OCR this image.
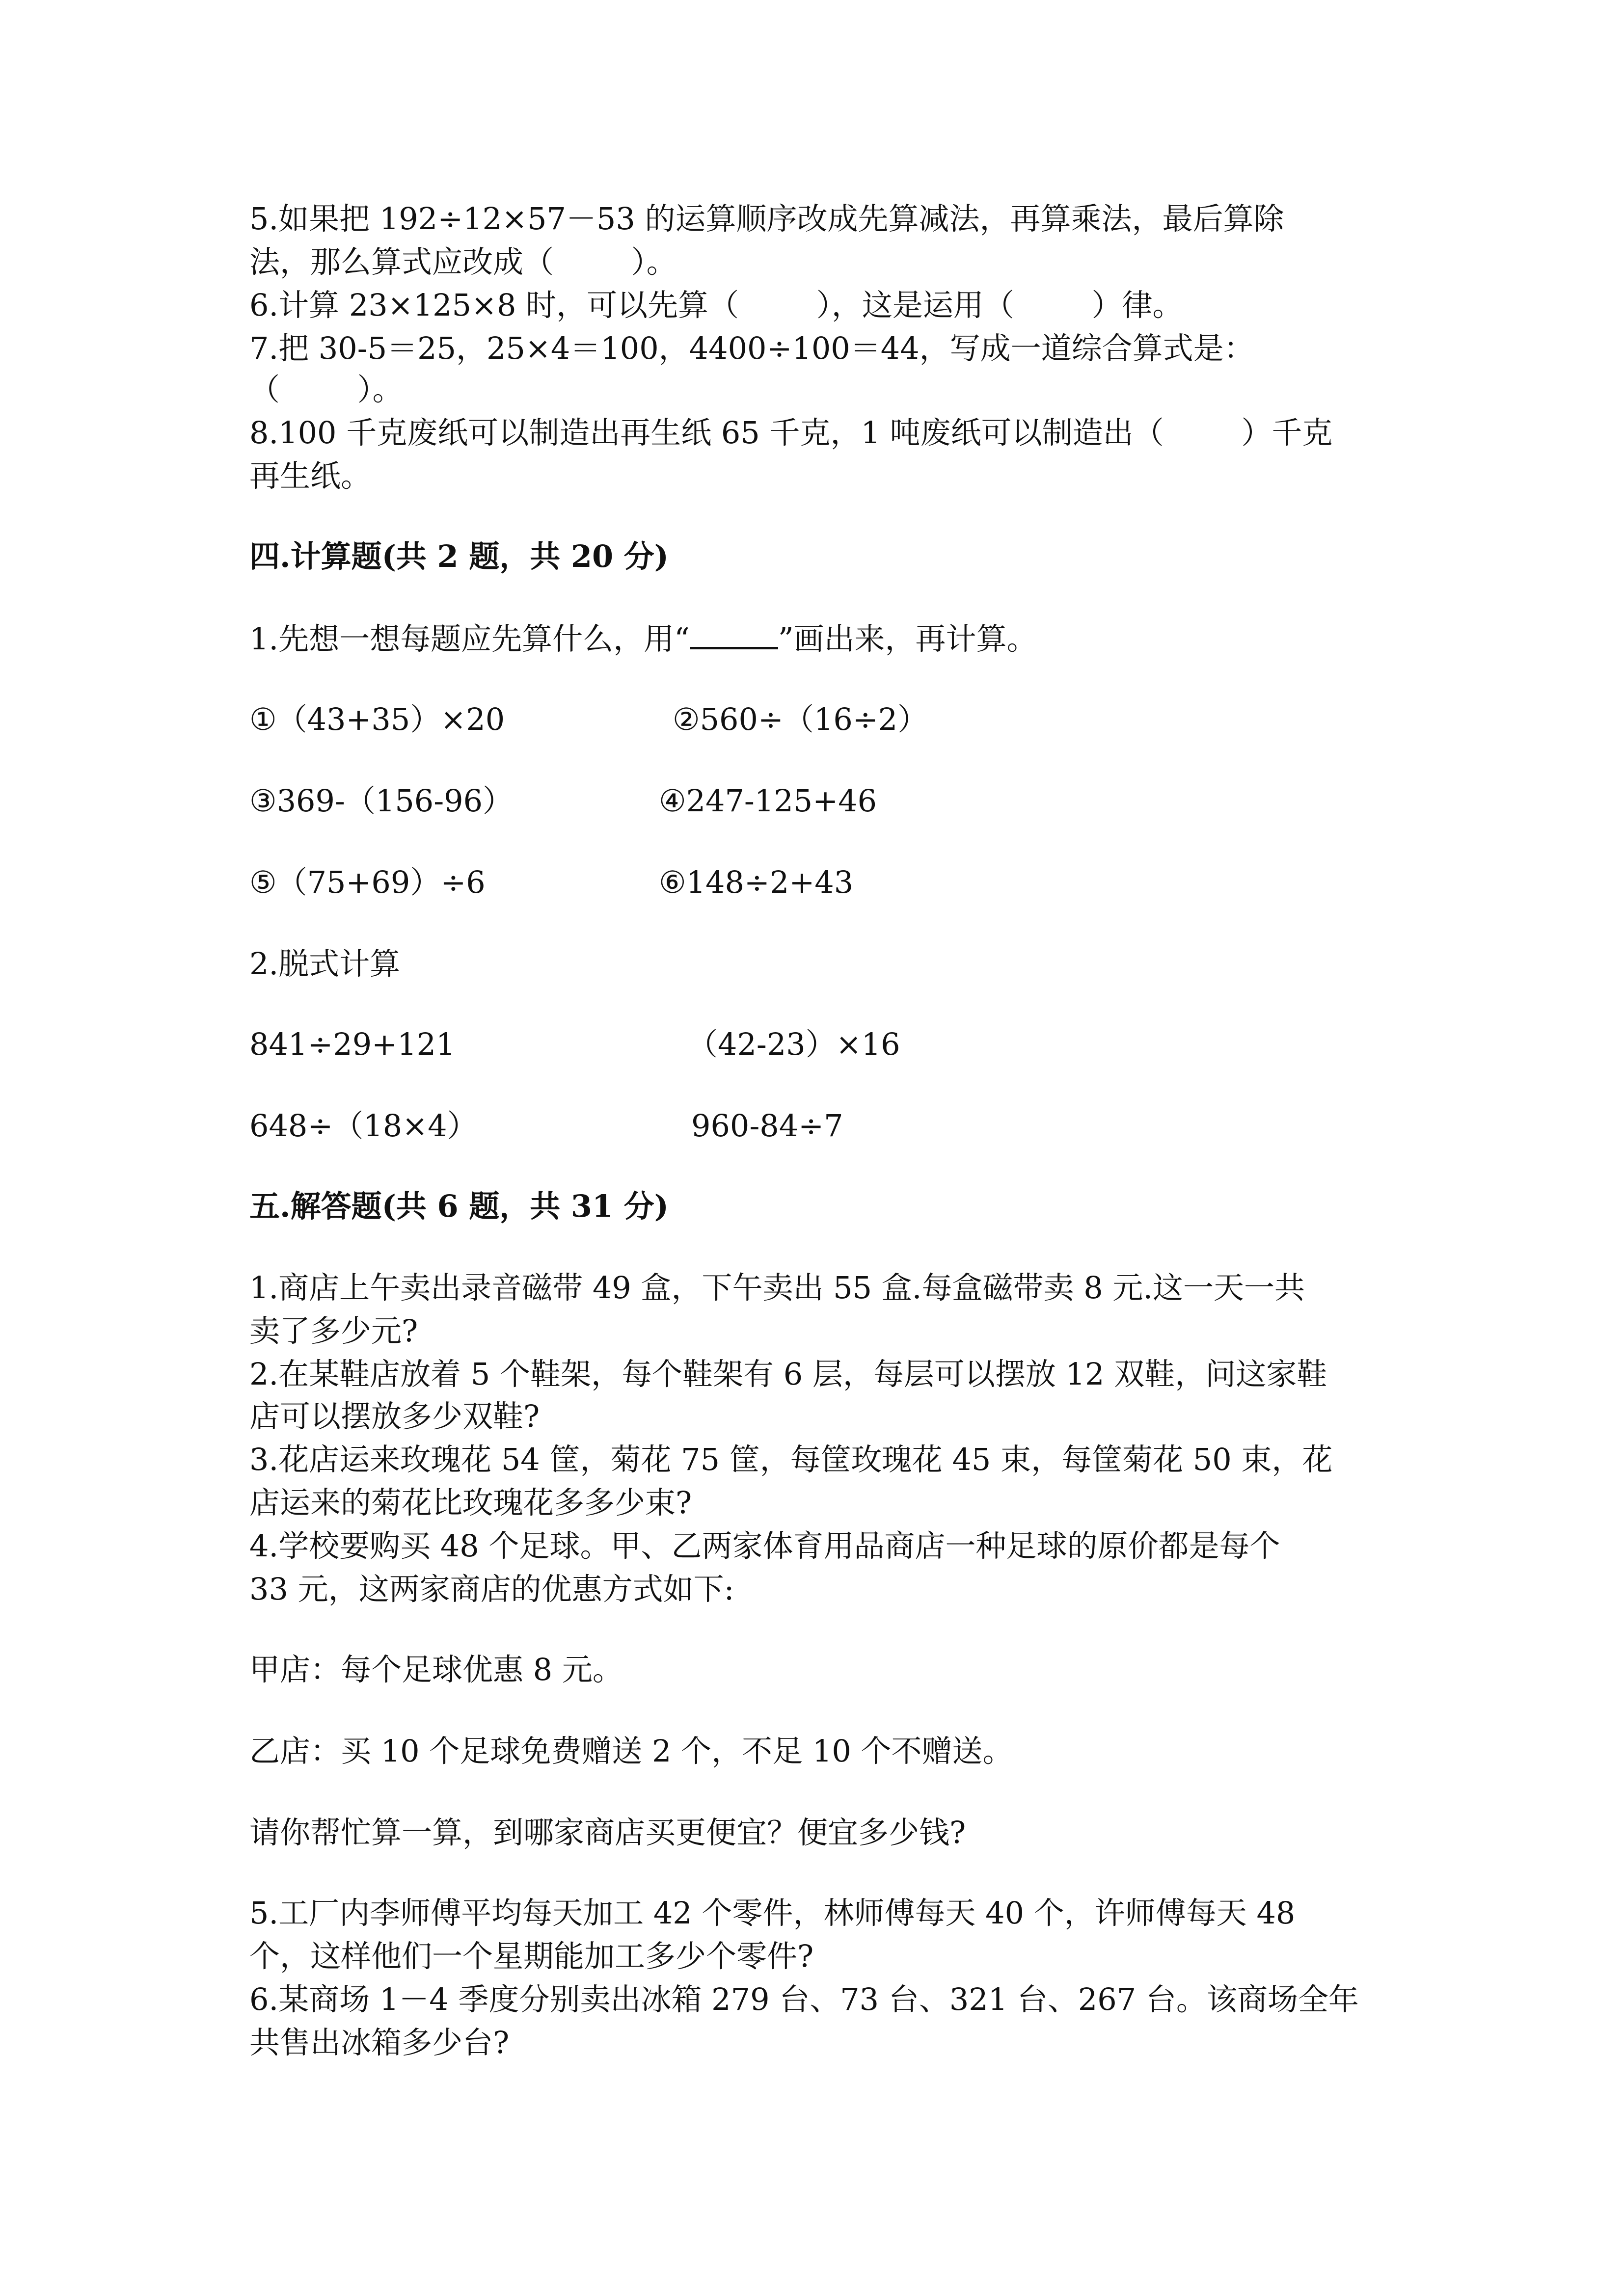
5.如果把 192÷12×57－53 的运算顺序改成先算减法，再算乘法，最后算除
法，那么算式应改成（        ）。
6.计算 23×125×8 时，可以先算（        ），这是运用（        ）律。
7.把 30-5＝25，25×4＝100，4400÷100＝44，写成一道综合算式是：
（        ）。
8.100 千克废纸可以制造出再生纸 65 千克，1 吨废纸可以制造出（        ）千克
再生纸。
四.计算题(共 2 题，共 20 分)
1.先想一想每题应先算什么，用“	”画出来，再计算。
①（43+35）×20	②560÷（16÷2）
③369-（156-96）	④247-125+46
⑤（75+69）÷6	⑥148÷2+43
2.脱式计算
841÷29+121	（42-23）×16
648÷（18×4）	960-84÷7
五.解答题(共 6 题，共 31 分)
1.商店上午卖出录音磁带 49 盒，下午卖出 55 盒.每盒磁带卖 8 元.这一天一共
卖了多少元?
2.在某鞋店放着 5 个鞋架，每个鞋架有 6 层，每层可以摆放 12 双鞋，问这家鞋
店可以摆放多少双鞋?
3.花店运来玫瑰花 54 筐，菊花 75 筐，每筐玫瑰花 45 束，每筐菊花 50 束，花
店运来的菊花比玫瑰花多多少束?
4.学校要购买 48 个足球。甲、乙两家体育用品商店一种足球的原价都是每个
33 元，这两家商店的优惠方式如下:
甲店：每个足球优惠 8 元。
乙店：买 10 个足球免费赠送 2 个，不足 10 个不赠送。
请你帮忙算一算，到哪家商店买更便宜？便宜多少钱?
5.工厂内李师傅平均每天加工 42 个零件，林师傅每天 40 个，许师傅每天 48
个，这样他们一个星期能加工多少个零件?
6.某商场 1－4 季度分别卖出冰箱 279 台、73 台、321 台、267 台。该商场全年
共售出冰箱多少台?
